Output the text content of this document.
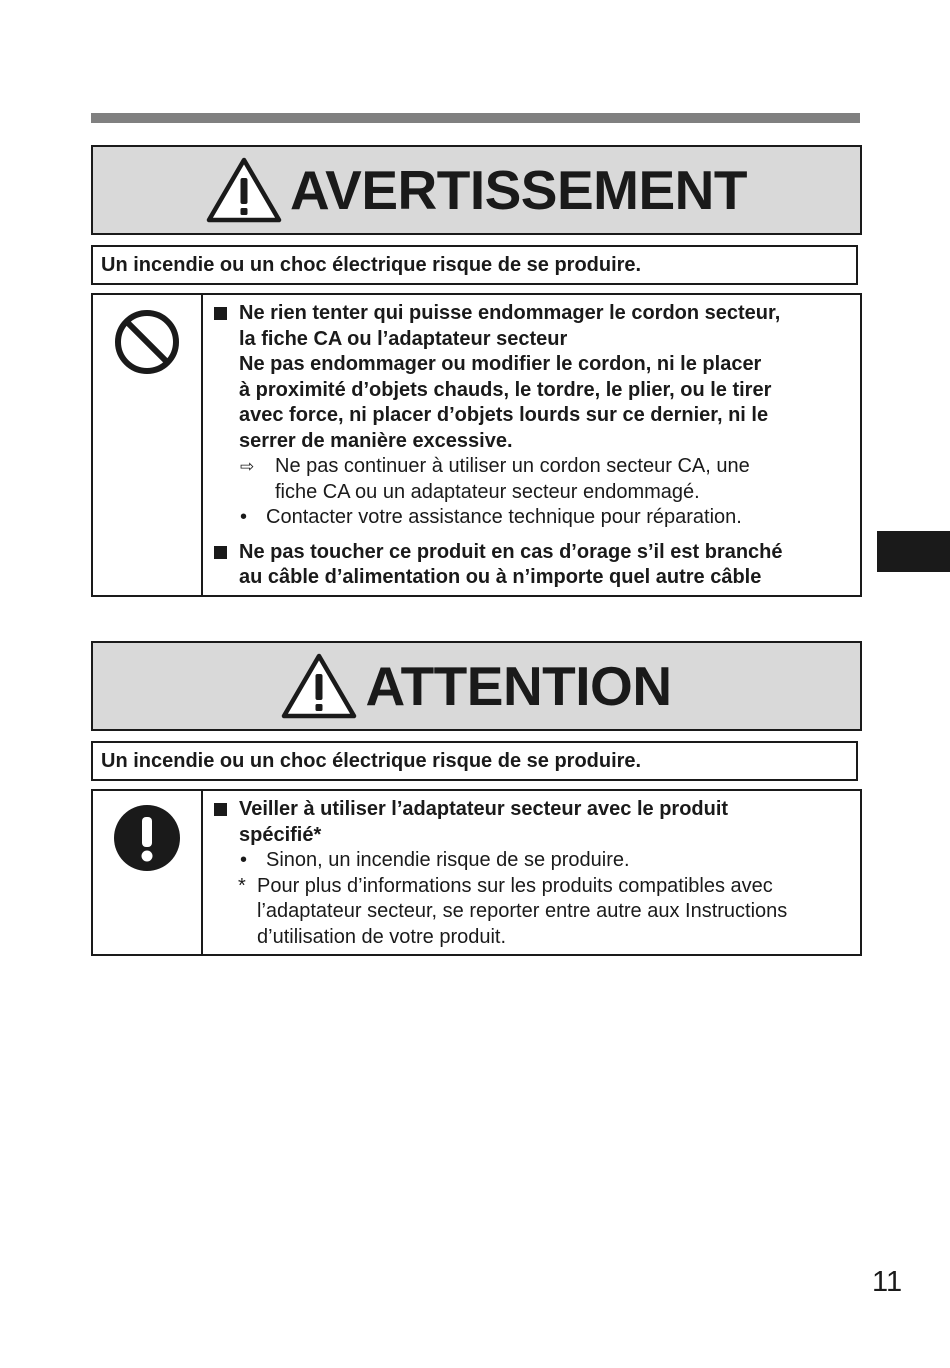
AVERTISSEMENT
Un incendie ou un choc électrique risque de se produire.
Ne rien tenter qui puisse endommager le cordon secteur,
la fiche CA ou l’adaptateur secteur
Ne pas endommager ou modifier le cordon, ni le placer
à proximité d’objets chauds, le tordre, le plier, ou le tirer
avec force, ni placer d’objets lourds sur ce dernier, ni le
serrer de manière excessive.
⇨ Ne pas continuer à utiliser un cordon secteur CA, une
fiche CA ou un adaptateur secteur endommagé.
• Contacter votre assistance technique pour réparation.
Ne pas toucher ce produit en cas d’orage s’il est branché
au câble d’alimentation ou à n’importe quel autre câble
ATTENTION
Un incendie ou un choc électrique risque de se produire.
Veiller à utiliser l’adaptateur secteur avec le produit
spécifié*
• Sinon, un incendie risque de se produire.
* Pour plus d’informations sur les produits compatibles avec
l’adaptateur secteur, se reporter entre autre aux Instructions
d’utilisation de votre produit.
11
